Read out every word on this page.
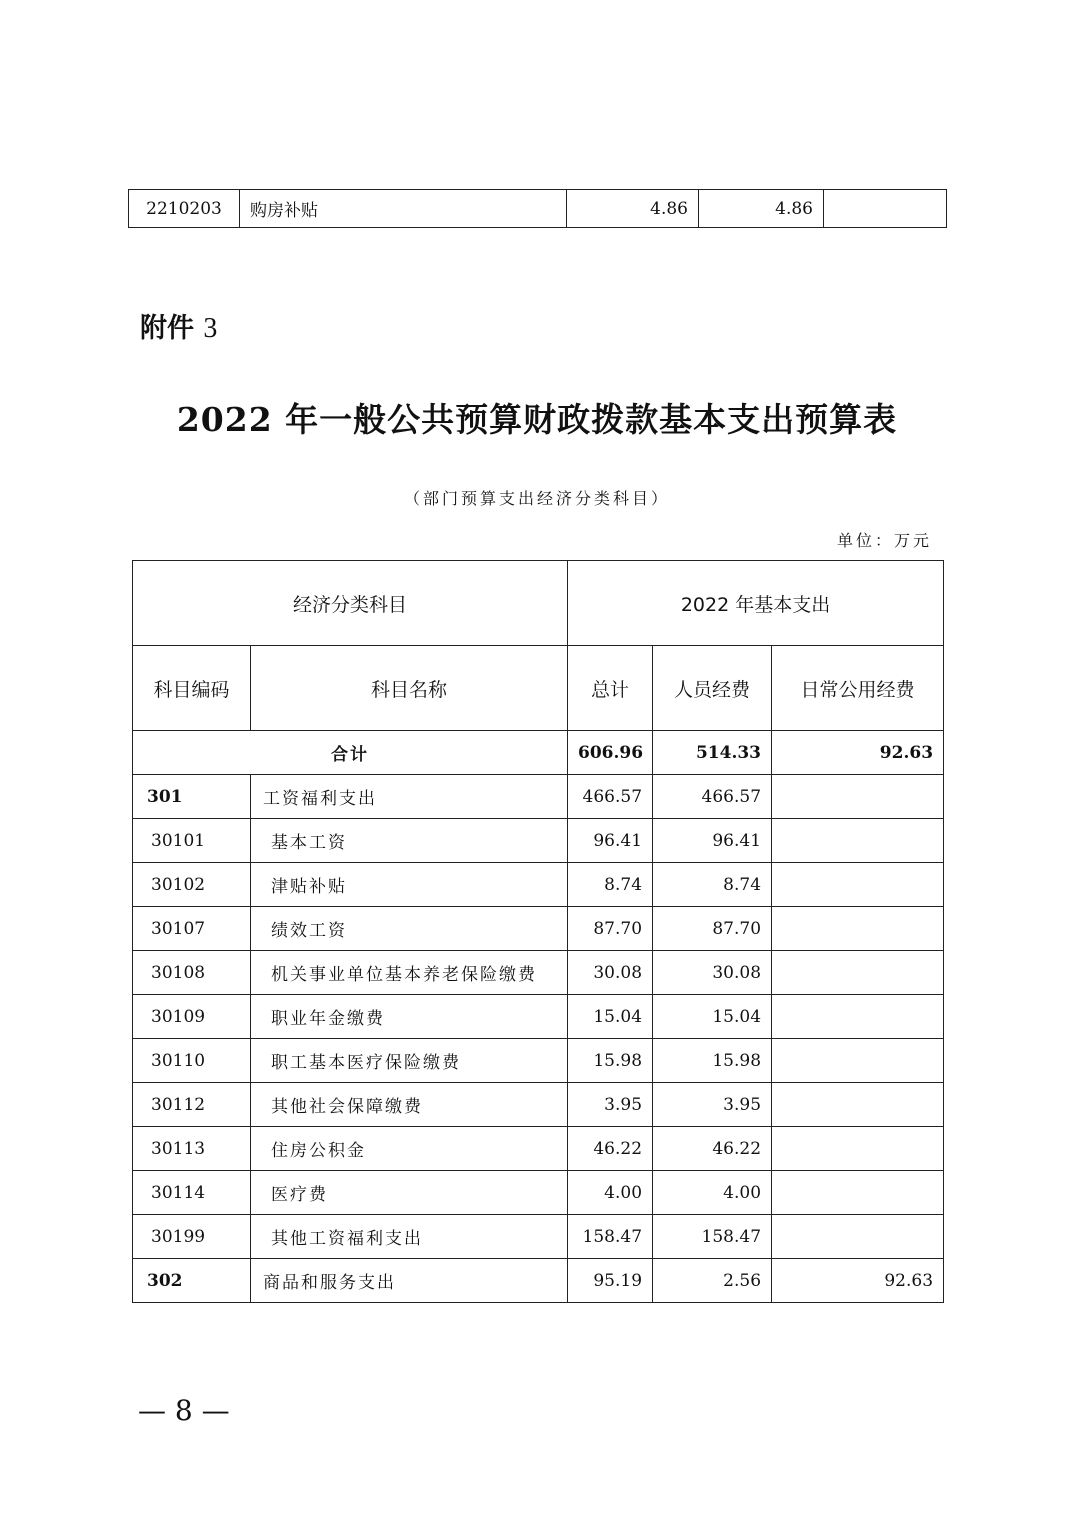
2210203	购房补贴	4.86	4.86	
附件 3
2022 年一般公共预算财政拨款基本支出预算表
（部门预算支出经济分类科目）
单位：万元
经济分类科目		2022 年基本支出		
科目编码	科目名称	总计	人员经费	日常公用经费
合计		606.96	514.33	92.63
301	工资福利支出	466.57	466.57	
30101	基本工资	96.41	96.41	
30102	津贴补贴	8.74	8.74	
30107	绩效工资	87.70	87.70	
30108	机关事业单位基本养老保险缴费	30.08	30.08	
30109	职业年金缴费	15.04	15.04	
30110	职工基本医疗保险缴费	15.98	15.98	
30112	其他社会保障缴费	3.95	3.95	
30113	住房公积金	46.22	46.22	
30114	医疗费	4.00	4.00	
30199	其他工资福利支出	158.47	158.47	
302	商品和服务支出	95.19	2.56	92.63
— 8 —
